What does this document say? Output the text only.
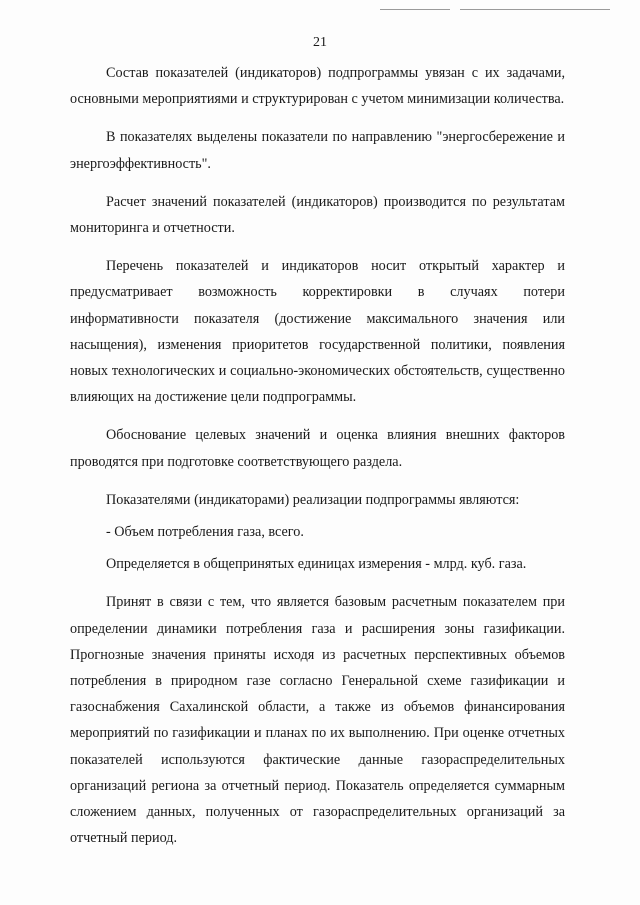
21

Состав показателей (индикаторов) подпрограммы увязан с их задачами, основными мероприятиями и структурирован с учетом минимизации количества.

В показателях выделены показатели по направлению "энергосбережение и энергоэффективность".

Расчет значений показателей (индикаторов) производится по результатам мониторинга и отчетности.

Перечень показателей и индикаторов носит открытый характер и предусматривает возможность корректировки в случаях потери информативности показателя (достижение максимального значения или насыщения), изменения приоритетов государственной политики, появления новых технологических и социально-экономических обстоятельств, существенно влияющих на достижение цели подпрограммы.

Обоснование целевых значений и оценка влияния внешних факторов проводятся при подготовке соответствующего раздела.

Показателями (индикаторами) реализации подпрограммы являются:

- Объем потребления газа, всего.

Определяется в общепринятых единицах измерения - млрд. куб. газа.

Принят в связи с тем, что является базовым расчетным показателем при определении динамики потребления газа и расширения зоны газификации. Прогнозные значения приняты исходя из расчетных перспективных объемов потребления в природном газе согласно Генеральной схеме газификации и газоснабжения Сахалинской области, а также из объемов финансирования мероприятий по газификации и планах по их выполнению. При оценке отчетных показателей используются фактические данные газораспределительных организаций региона за отчетный период. Показатель определяется суммарным сложением данных, полученных от газораспределительных организаций за отчетный период.
